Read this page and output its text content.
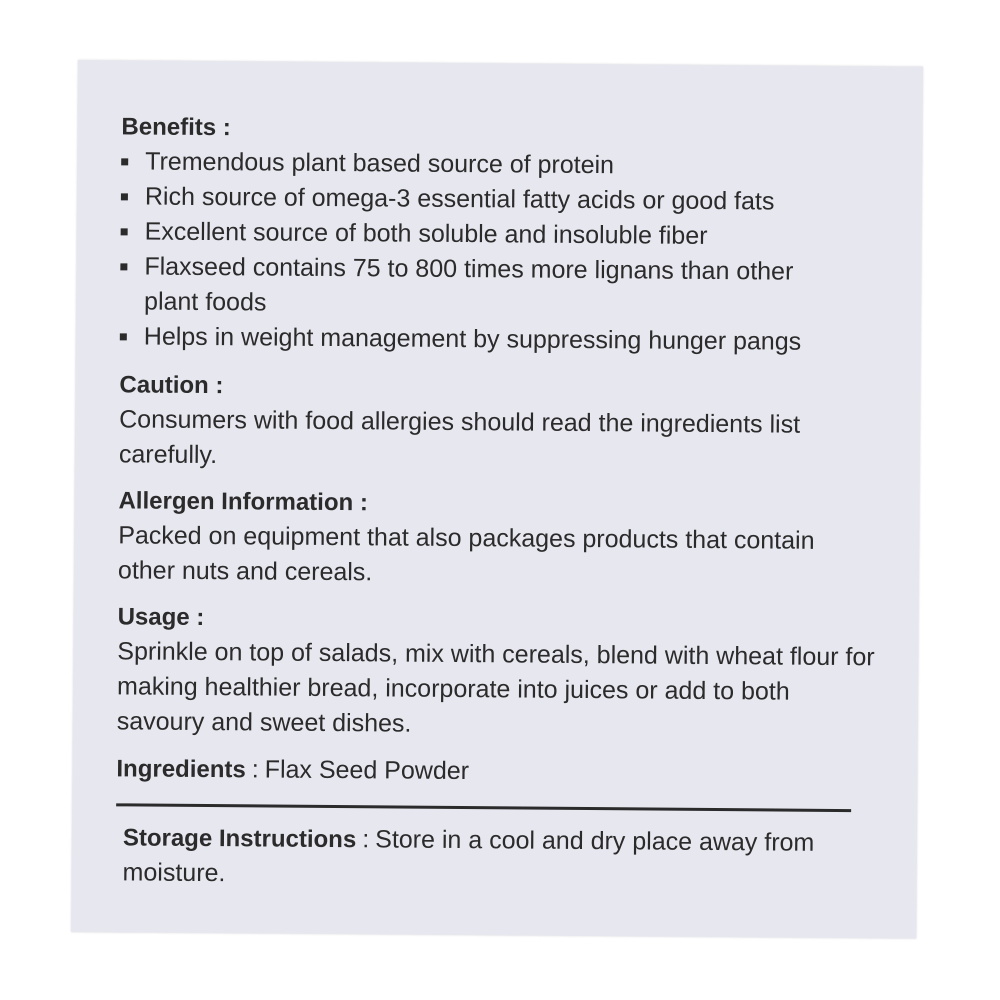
Benefits :
Tremendous plant based source of protein
Rich source of omega-3 essential fatty acids or good fats
Excellent source of both soluble and insoluble fiber
Flaxseed contains 75 to 800 times more lignans than other plant foods
Helps in weight management by suppressing hunger pangs
Caution :
Consumers with food allergies should read the ingredients list carefully.
Allergen Information :
Packed on equipment that also packages products that contain other nuts and cereals.
Usage :
Sprinkle on top of salads, mix with cereals, blend with wheat flour for making healthier bread, incorporate into juices or add to both savoury and sweet dishes.
Ingredients : Flax Seed Powder
Storage Instructions : Store in a cool and dry place away from moisture.
